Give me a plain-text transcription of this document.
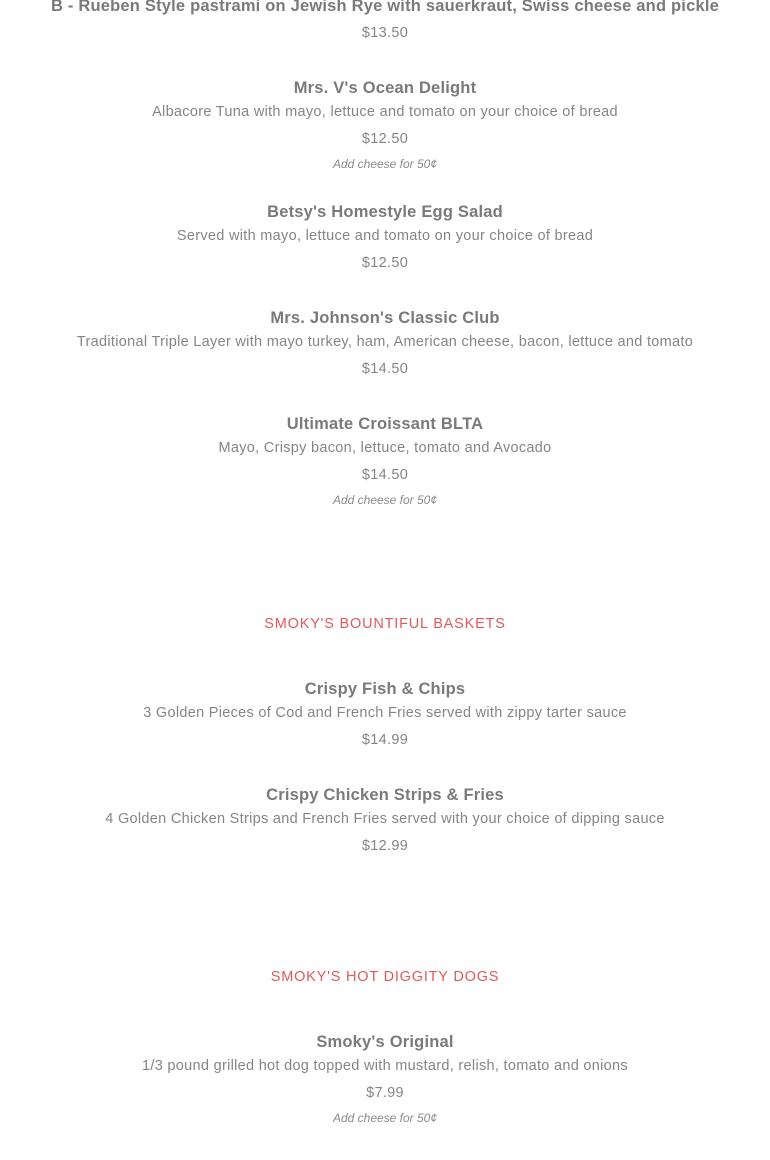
B - Rueben Style pastrami on Jewish Rye with sauerkraut, Swiss cheese and pickle
$13.50
Mrs. V's Ocean Delight
Albacore Tuna with mayo, lettuce and tomato on your choice of bread
$12.50
Add cheese for 50¢
Betsy's Homestyle Egg Salad
Served with mayo, lettuce and tomato on your choice of bread
$12.50
Mrs. Johnson's Classic Club
Traditional Triple Layer with mayo turkey, ham, American cheese, bacon, lettuce and tomato
$14.50
Ultimate Croissant BLTA
Mayo, Crispy bacon, lettuce, tomato and Avocado
$14.50
Add cheese for 50¢
SMOKY'S BOUNTIFUL BASKETS
Crispy Fish & Chips
3 Golden Pieces of Cod and French Fries served with zippy tarter sauce
$14.99
Crispy Chicken Strips & Fries
4 Golden Chicken Strips and French Fries served with your choice of dipping sauce
$12.99
SMOKY'S HOT DIGGITY DOGS
Smoky's Original
1/3 pound grilled hot dog topped with mustard, relish, tomato and onions
$7.99
Add cheese for 50¢
